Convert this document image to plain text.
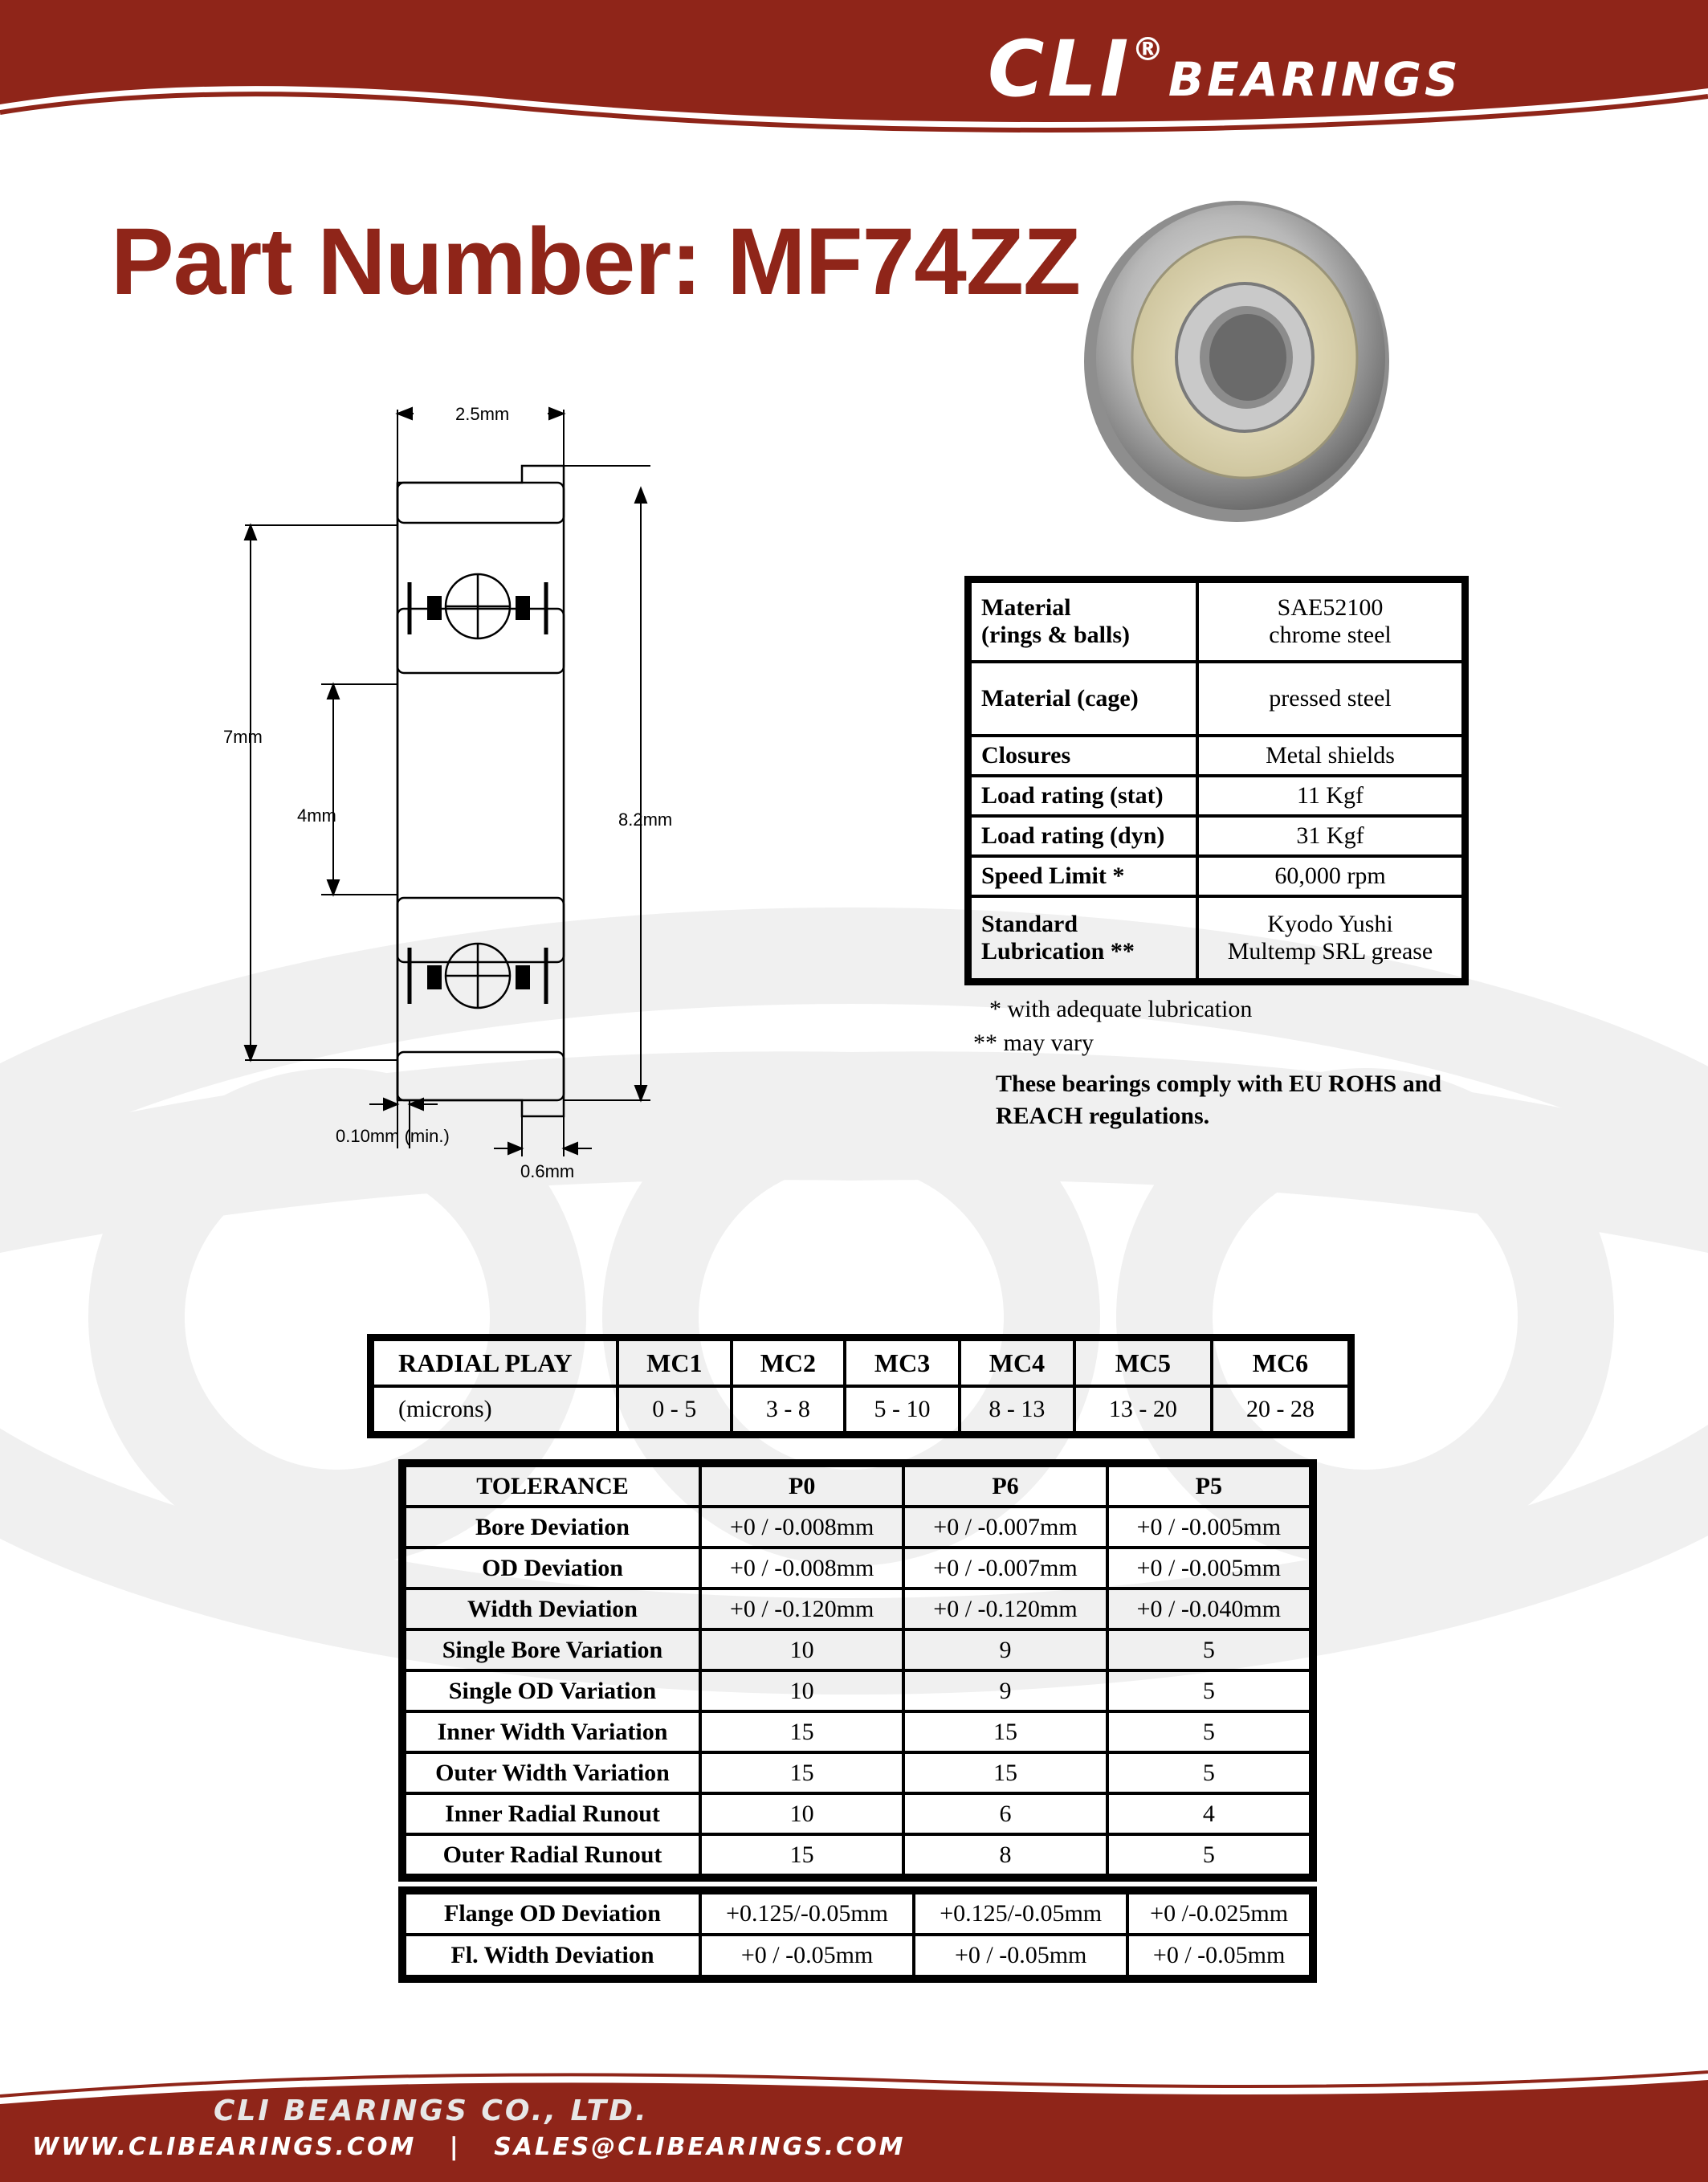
CLI® BEARINGS
Part Number: MF74ZZ
2.5mm
7mm
4mm	8.2mm
0.10mm (min.)
0.6mm
Material
(rings & balls)	SAE52100
chrome steel
Material (cage)	pressed steel
Closures	Metal shields
Load rating (stat)	11 Kgf
Load rating (dyn)	31 Kgf
Speed Limit *	60,000 rpm
Standard
Lubrication **	Kyodo Yushi
Multemp SRL grease
* with adequate lubrication
** may vary
These bearings comply with EU ROHS and REACH regulations.
RADIAL PLAY	MC1	MC2	MC3	MC4	MC5	MC6
(microns)	0 - 5	3 - 8	5 - 10	8 - 13	13 - 20	20 - 28
TOLERANCE	P0	P6	P5
Bore Deviation	+0 / -0.008mm	+0 / -0.007mm	+0 / -0.005mm
OD Deviation	+0 / -0.008mm	+0 / -0.007mm	+0 / -0.005mm
Width Deviation	+0 / -0.120mm	+0 / -0.120mm	+0 / -0.040mm
Single Bore Variation	10	9	5
Single OD Variation	10	9	5
Inner Width Variation	15	15	5
Outer Width Variation	15	15	5
Inner Radial Runout	10	6	4
Outer Radial Runout	15	8	5
Flange OD Deviation	+0.125/-0.05mm	+0.125/-0.05mm	+0 /-0.025mm
Fl. Width Deviation	+0 / -0.05mm	+0 / -0.05mm	+0 / -0.05mm
CLI BEARINGS CO., LTD.
WWW.CLIBEARINGS.COM | SALES@CLIBEARINGS.COM
